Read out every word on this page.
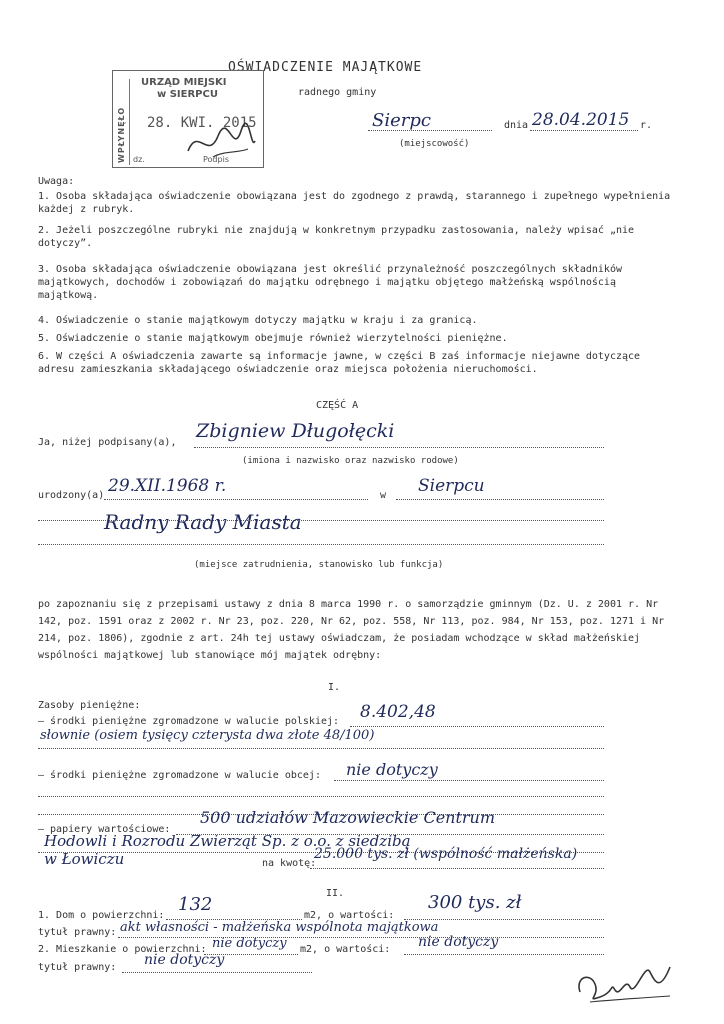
OŚWIADCZENIE MAJĄTKOWE
radnego gminy
Sierpc	dnia 28.04.2015 r.
(miejscowość)
WPŁYNĘŁO
URZĄD MIEJSKI
w SIERPCU
28. KWI. 2015
dz.	Podpis
Uwaga:
1. Osoba składająca oświadczenie obowiązana jest do zgodnego z prawdą, starannego i zupełnego wypełnienia każdej z rubryk.
2. Jeżeli poszczególne rubryki nie znajdują w konkretnym przypadku zastosowania, należy wpisać „nie dotyczy”.
3. Osoba składająca oświadczenie obowiązana jest określić przynależność poszczególnych składników majątkowych, dochodów i zobowiązań do majątku odrębnego i majątku objętego małżeńską wspólnością majątkową.
4. Oświadczenie o stanie majątkowym dotyczy majątku w kraju i za granicą.
5. Oświadczenie o stanie majątkowym obejmuje również wierzytelności pieniężne.
6. W części A oświadczenia zawarte są informacje jawne, w części B zaś informacje niejawne dotyczące adresu zamieszkania składającego oświadczenie oraz miejsca położenia nieruchomości.
CZĘŚĆ A
Ja, niżej podpisany(a),
Zbigniew Długołęcki
(imiona i nazwisko oraz nazwisko rodowe)
urodzony(a) 29.XII.1968 r.	w Sierpcu
Radny Rady Miasta
(miejsce zatrudnienia, stanowisko lub funkcja)
po zapoznaniu się z przepisami ustawy z dnia 8 marca 1990 r. o samorządzie gminnym (Dz. U. z 2001 r. Nr 142, poz. 1591 oraz z 2002 r. Nr 23, poz. 220, Nr 62, poz. 558, Nr 113, poz. 984, Nr 153, poz. 1271 i Nr 214, poz. 1806), zgodnie z art. 24h tej ustawy oświadczam, że posiadam wchodzące w skład małżeńskiej wspólności majątkowej lub stanowiące mój majątek odrębny:
I.
Zasoby pieniężne:
– środki pieniężne zgromadzone w walucie polskiej: 8.402,48
słownie (osiem tysięcy czterysta dwa złote 48/100)
– środki pieniężne zgromadzone w walucie obcej: nie dotyczy
– papiery wartościowe:
500 udziałów Mazowieckie Centrum
Hodowli i Rozrodu Zwierząt Sp. z o.o. z siedzibą
w Łowiczu	na kwotę:
25.000 tys. zł (wspólność małżeńska)
II.
1. Dom o powierzchni:
132
m2, o wartości:
300 tys. zł
tytuł prawny: akt własności - małżeńska wspólnota majątkowa
2. Mieszkanie o powierzchni: nie dotyczy m2, o wartości: nie dotyczy
tytuł prawny: nie dotyczy
